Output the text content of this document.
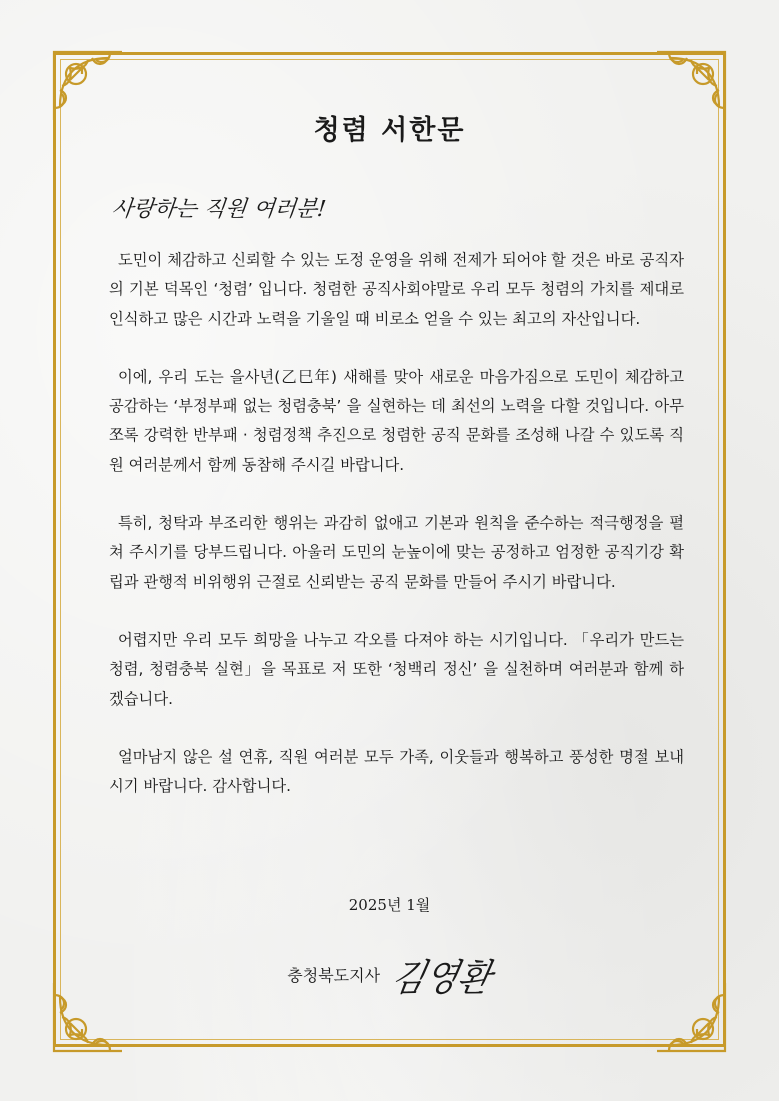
청렴 서한문
사랑하는 직원 여러분!

도민이 체감하고 신뢰할 수 있는 도정 운영을 위해 전제가 되어야 할 것은 바로 공직자의 기본 덕목인 ‘청렴’ 입니다. 청렴한 공직사회야말로 우리 모두 청렴의 가치를 제대로 인식하고 많은 시간과 노력을 기울일 때 비로소 얻을 수 있는 최고의 자산입니다.

이에, 우리 도는 을사년(乙巳年) 새해를 맞아 새로운 마음가짐으로 도민이 체감하고 공감하는 ‘부정부패 없는 청렴충북’ 을 실현하는 데 최선의 노력을 다할 것입니다. 아무쪼록 강력한 반부패 · 청렴정책 추진으로 청렴한 공직 문화를 조성해 나갈 수 있도록 직원 여러분께서 함께 동참해 주시길 바랍니다.

특히, 청탁과 부조리한 행위는 과감히 없애고 기본과 원칙을 준수하는 적극행정을 펼쳐 주시기를 당부드립니다. 아울러 도민의 눈높이에 맞는 공정하고 엄정한 공직기강 확립과 관행적 비위행위 근절로 신뢰받는 공직 문화를 만들어 주시기 바랍니다.

어렵지만 우리 모두 희망을 나누고 각오를 다져야 하는 시기입니다. 「우리가 만드는 청렴, 청렴충북 실현」을 목표로 저 또한 ‘청백리 정신’ 을 실천하며 여러분과 함께 하겠습니다.

얼마남지 않은 설 연휴, 직원 여러분 모두 가족, 이웃들과 행복하고 풍성한 명절 보내시기 바랍니다. 감사합니다.

2025년 1월
충청북도지사 김영환
